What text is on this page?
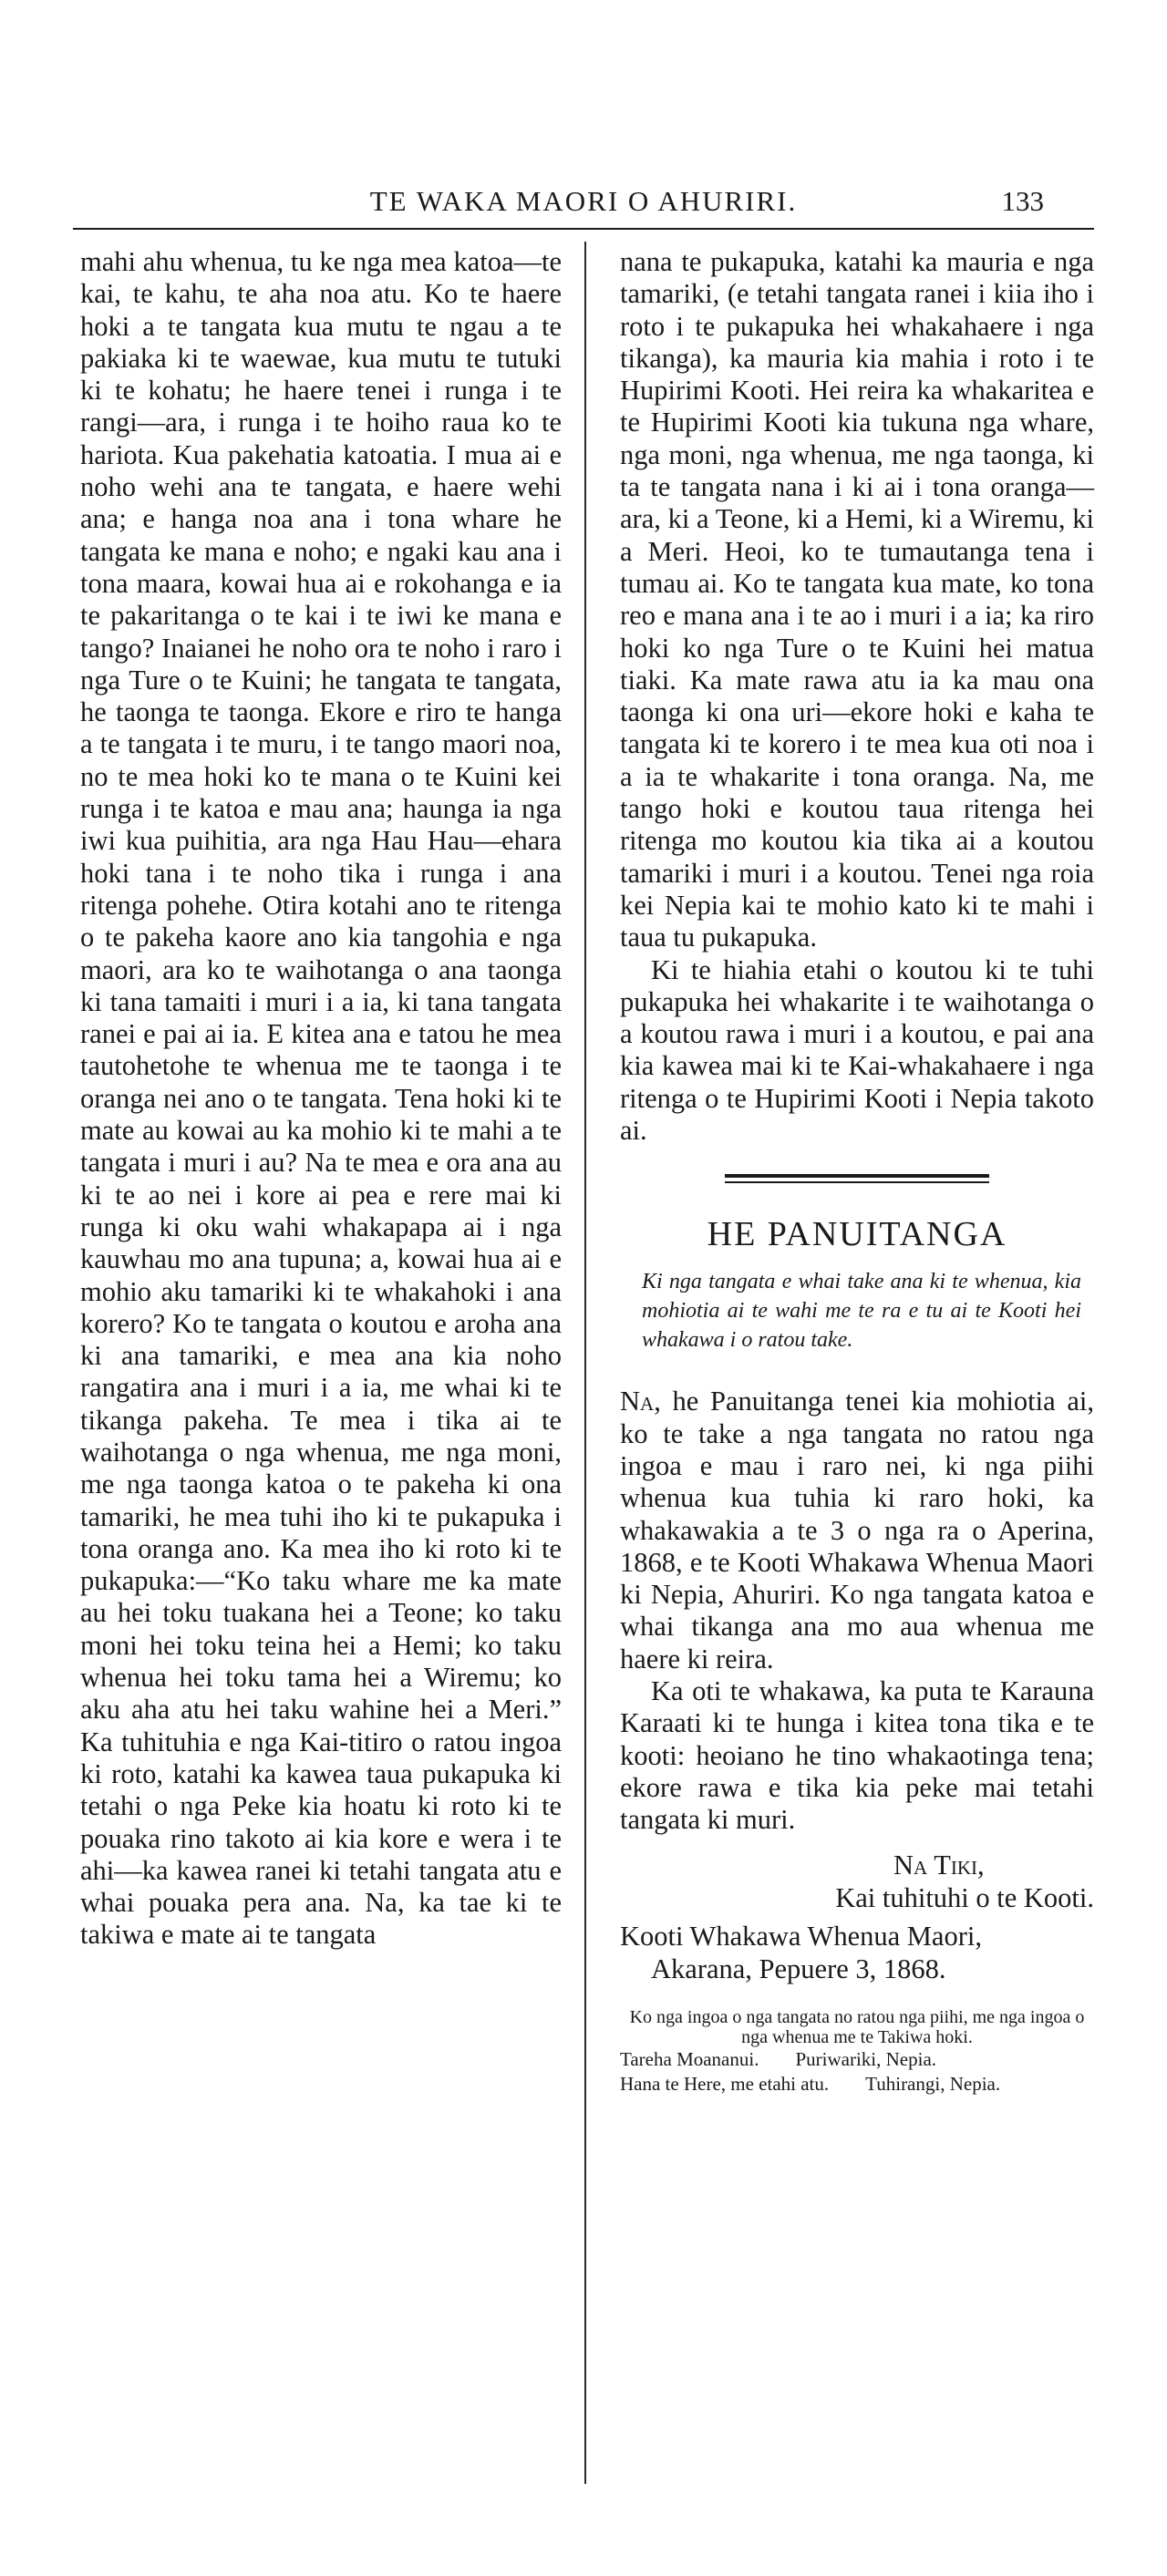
TE WAKA MAORI O AHURIRI.	133

mahi ahu whenua, tu ke nga mea katoa—te kai, te kahu, te aha noa atu. Ko te haere hoki a te tangata kua mutu te ngau a te pakiaka ki te waewae, kua mutu te tutuki ki te kohatu; he haere tenei i runga i te rangi—ara, i runga i te hoiho raua ko te hariota. Kua pakehatia katoatia. I mua ai e noho wehi ana te tangata, e haere wehi ana; e hanga noa ana i tona whare he tangata ke mana e noho; e ngaki kau ana i tona maara, kowai hua ai e rokohanga e ia te pakaritanga o te kai i te iwi ke mana e tango? Inaianei he noho ora te noho i raro i nga Ture o te Kuini; he tangata te tangata, he taonga te taonga. Ekore e riro te hanga a te tangata i te muru, i te tango maori noa, no te mea hoki ko te mana o te Kuini kei runga i te katoa e mau ana; haunga ia nga iwi kua puihitia, ara nga Hau Hau—ehara hoki tana i te noho tika i runga i ana ritenga pohehe. Otira kotahi ano te ritenga o te pakeha kaore ano kia tangohia e nga maori, ara ko te waihotanga o ana taonga ki tana tamaiti i muri i a ia, ki tana tangata ranei e pai ai ia. E kitea ana e tatou he mea tautohetohe te whenua me te taonga i te oranga nei ano o te tangata. Tena hoki ki te mate au kowai au ka mohio ki te mahi a te tangata i muri i au? Na te mea e ora ana au ki te ao nei i kore ai pea e rere mai ki runga ki oku wahi whakapapa ai i nga kauwhau mo ana tupuna; a, kowai hua ai e mohio aku tamariki ki te whakahoki i ana korero? Ko te tangata o koutou e aroha ana ki ana tamariki, e mea ana kia noho rangatira ana i muri i a ia, me whai ki te tikanga pakeha. Te mea i tika ai te waihotanga o nga whenua, me nga moni, me nga taonga katoa o te pakeha ki ona tamariki, he mea tuhi iho ki te pukapuka i tona oranga ano. Ka mea iho ki roto ki te pukapuka:—“Ko taku whare me ka mate au hei toku tuakana hei a Teone; ko taku moni hei toku teina hei a Hemi; ko taku whenua hei toku tama hei a Wiremu; ko aku aha atu hei taku wahine hei a Meri.” Ka tuhituhia e nga Kai-titiro o ratou ingoa ki roto, katahi ka kawea taua pukapuka ki tetahi o nga Peke kia hoatu ki roto ki te pouaka rino takoto ai kia kore e wera i te ahi—ka kawea ranei ki tetahi tangata atu e whai pouaka pera ana. Na, ka tae ki te takiwa e mate ai te tangata

nana te pukapuka, katahi ka mauria e nga tamariki, (e tetahi tangata ranei i kiia iho i roto i te pukapuka hei whakahaere i nga tikanga), ka mauria kia mahia i roto i te Hupirimi Kooti. Hei reira ka whakaritea e te Hupirimi Kooti kia tukuna nga whare, nga moni, nga whenua, me nga taonga, ki ta te tangata nana i ki ai i tona oranga—ara, ki a Teone, ki a Hemi, ki a Wiremu, ki a Meri. Heoi, ko te tumautanga tena i tumau ai. Ko te tangata kua mate, ko tona reo e mana ana i te ao i muri i a ia; ka riro hoki ko nga Ture o te Kuini hei matua tiaki. Ka mate rawa atu ia ka mau ona taonga ki ona uri—ekore hoki e kaha te tangata ki te korero i te mea kua oti noa i a ia te whakarite i tona oranga. Na, me tango hoki e koutou taua ritenga hei ritenga mo koutou kia tika ai a koutou tamariki i muri i a koutou. Tenei nga roia kei Nepia kai te mohio kato ki te mahi i taua tu pukapuka.

Ki te hiahia etahi o koutou ki te tuhi pukapuka hei whakarite i te waihotanga o a koutou rawa i muri i a koutou, e pai ana kia kawea mai ki te Kai-whakahaere i nga ritenga o te Hupirimi Kooti i Nepia takoto ai.

HE PANUITANGA
Ki nga tangata e whai take ana ki te whenua, kia mohiotia ai te wahi me te ra e tu ai te Kooti hei whakawa i o ratou take.

Na, he Panuitanga tenei kia mohiotia ai, ko te take a nga tangata no ratou nga ingoa e mau i raro nei, ki nga piihi whenua kua tuhia ki raro hoki, ka whakawakia a te 3 o nga ra o Aperina, 1868, e te Kooti Whakawa Whenua Maori ki Nepia, Ahuriri. Ko nga tangata katoa e whai tikanga ana mo aua whenua me haere ki reira.

Ka oti te whakawa, ka puta te Karauna Karaati ki te hunga i kitea tona tika e te kooti: heoiano he tino whakaotinga tena; ekore rawa e tika kia peke mai tetahi tangata ki muri.

Na Tiki,
Kai tuhituhi o te Kooti.
Kooti Whakawa Whenua Maori,
Akarana, Pepuere 3, 1868.
Ko nga ingoa o nga tangata no ratou nga piihi, me nga ingoa o nga whenua me te Takiwa hoki.
Tareha Moananui. Puriwariki, Nepia.
Hana te Here, me etahi atu. Tuhirangi, Nepia.
